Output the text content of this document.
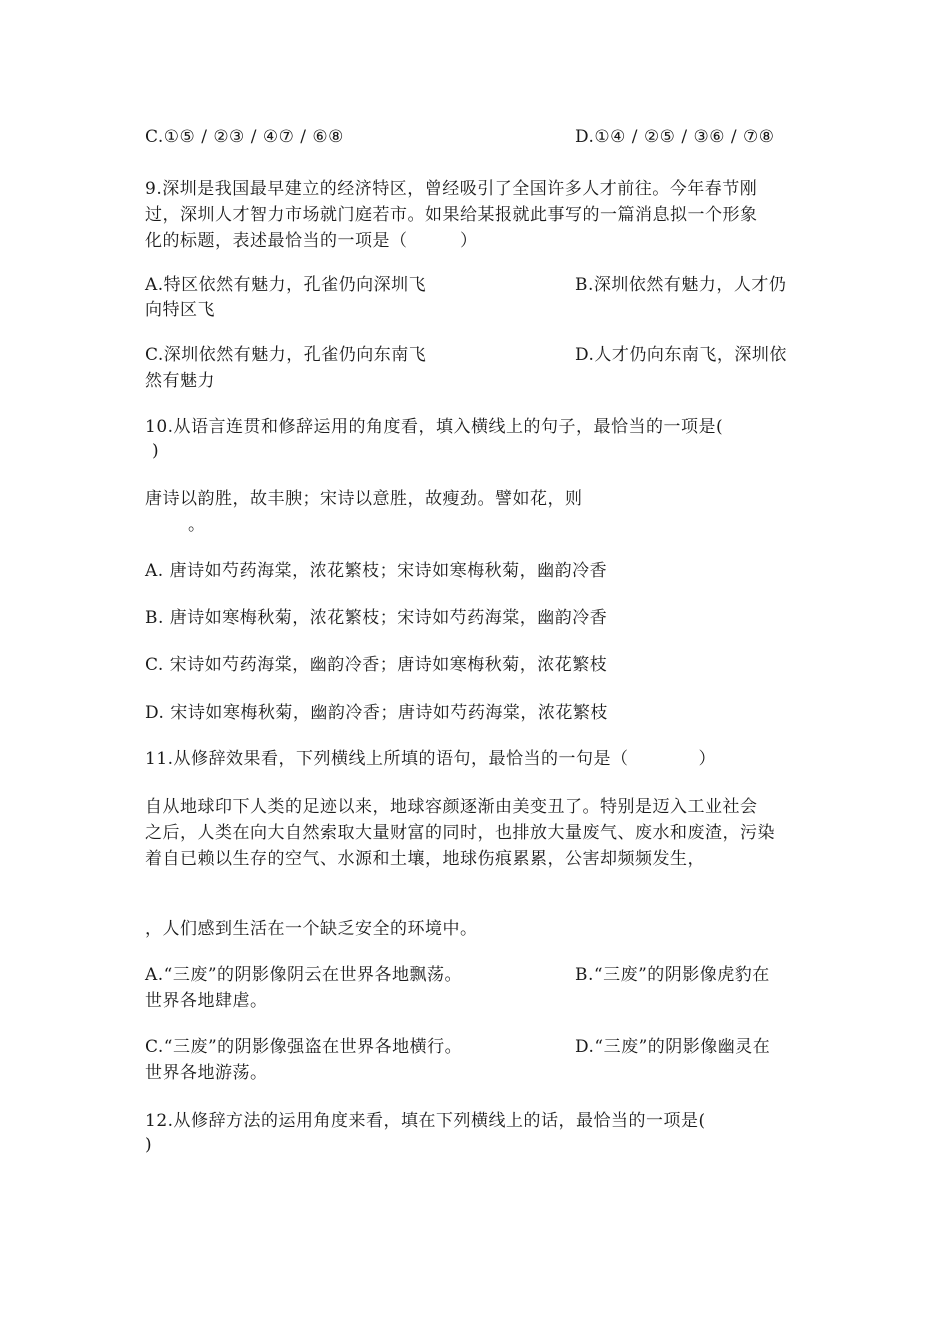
C.①⑤ / ②③ / ④⑦ / ⑥⑧	D.①④ / ②⑤ / ③⑥ / ⑦⑧
9.深圳是我国最早建立的经济特区，曾经吸引了全国许多人才前往。今年春节刚
过，深圳人才智力市场就门庭若市。如果给某报就此事写的一篇消息拟一个形象
化的标题，表述最恰当的一项是（　　　）
A.特区依然有魅力，孔雀仍向深圳飞	B.深圳依然有魅力，人才仍
向特区飞
C.深圳依然有魅力，孔雀仍向东南飞	D.人才仍向东南飞，深圳依
然有魅力
10.从语言连贯和修辞运用的角度看，填入横线上的句子，最恰当的一项是(
)
唐诗以韵胜，故丰腴；宋诗以意胜，故瘦劲。譬如花，则
。
A. 唐诗如芍药海棠，浓花繁枝；宋诗如寒梅秋菊，幽韵冷香
B. 唐诗如寒梅秋菊，浓花繁枝；宋诗如芍药海棠，幽韵冷香
C. 宋诗如芍药海棠，幽韵冷香；唐诗如寒梅秋菊，浓花繁枝
D. 宋诗如寒梅秋菊，幽韵冷香；唐诗如芍药海棠，浓花繁枝
11.从修辞效果看，下列横线上所填的语句，最恰当的一句是（　　　　）
自从地球印下人类的足迹以来，地球容颜逐渐由美变丑了。特别是迈入工业社会
之后，人类在向大自然索取大量财富的同时，也排放大量废气、废水和废渣，污染
着自已赖以生存的空气、水源和土壤，地球伤痕累累，公害却频频发生，
，人们感到生活在一个缺乏安全的环境中。
A.“三废”的阴影像阴云在世界各地飘荡。	B.“三废”的阴影像虎豹在
世界各地肆虐。
C.“三废”的阴影像强盗在世界各地横行。	D.“三废”的阴影像幽灵在
世界各地游荡。
12.从修辞方法的运用角度来看，填在下列横线上的话，最恰当的一项是(
)
